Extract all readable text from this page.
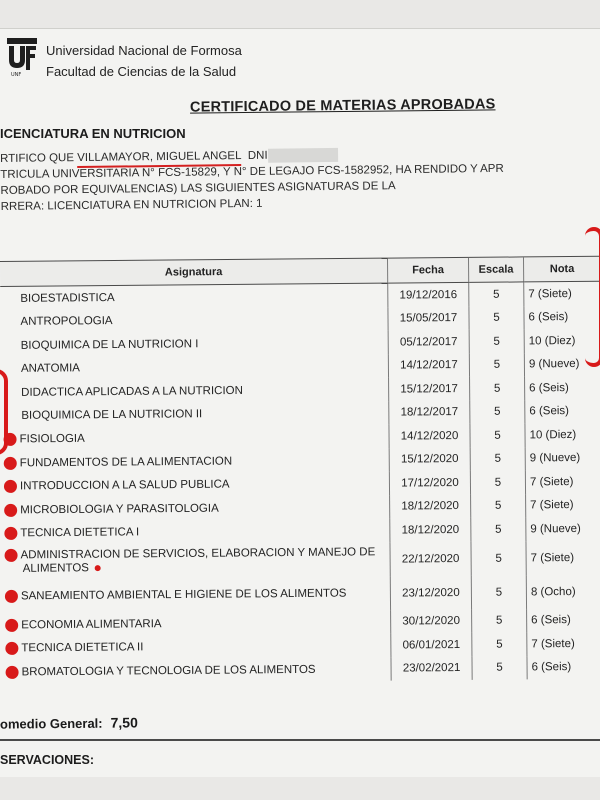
UNF
Universidad Nacional de Formosa
Facultad de Ciencias de la Salud
CERTIFICADO DE MATERIAS APROBADAS
ICENCIATURA EN NUTRICION
RTIFICO QUE VILLAMAYOR, MIGUEL ANGEL DNI
TRICULA UNIVERSITARIA N° FCS-15829, Y N° DE LEGAJO FCS-1582952, HA RENDIDO Y APR
ROBADO POR EQUIVALENCIAS) LAS SIGUIENTES ASIGNATURAS DE LA
RRERA: LICENCIATURA EN NUTRICION PLAN: 1
Asignatura	Fecha	Escala	Nota
BIOESTADISTICA	19/12/2016	5	7 (Siete)
ANTROPOLOGIA	15/05/2017	5	6 (Seis)
BIOQUIMICA DE LA NUTRICION I	05/12/2017	5	10 (Diez)
ANATOMIA	14/12/2017	5	9 (Nueve)
DIDACTICA APLICADAS A LA NUTRICION	15/12/2017	5	6 (Seis)
BIOQUIMICA DE LA NUTRICION II	18/12/2017	5	6 (Seis)
FISIOLOGIA	14/12/2020	5	10 (Diez)
FUNDAMENTOS DE LA ALIMENTACION	15/12/2020	5	9 (Nueve)
INTRODUCCION A LA SALUD PUBLICA	17/12/2020	5	7 (Siete)
MICROBIOLOGIA Y PARASITOLOGIA	18/12/2020	5	7 (Siete)
TECNICA DIETETICA I	18/12/2020	5	9 (Nueve)
ADMINISTRACION DE SERVICIOS, ELABORACION Y MANEJO DE ALIMENTOS	22/12/2020	5	7 (Siete)
SANEAMIENTO AMBIENTAL E HIGIENE DE LOS ALIMENTOS	23/12/2020	5	8 (Ocho)
ECONOMIA ALIMENTARIA	30/12/2020	5	6 (Seis)
TECNICA DIETETICA II	06/01/2021	5	7 (Siete)
BROMATOLOGIA Y TECNOLOGIA DE LOS ALIMENTOS	23/02/2021	5	6 (Seis)
omedio General: 7,50
SERVACIONES:
